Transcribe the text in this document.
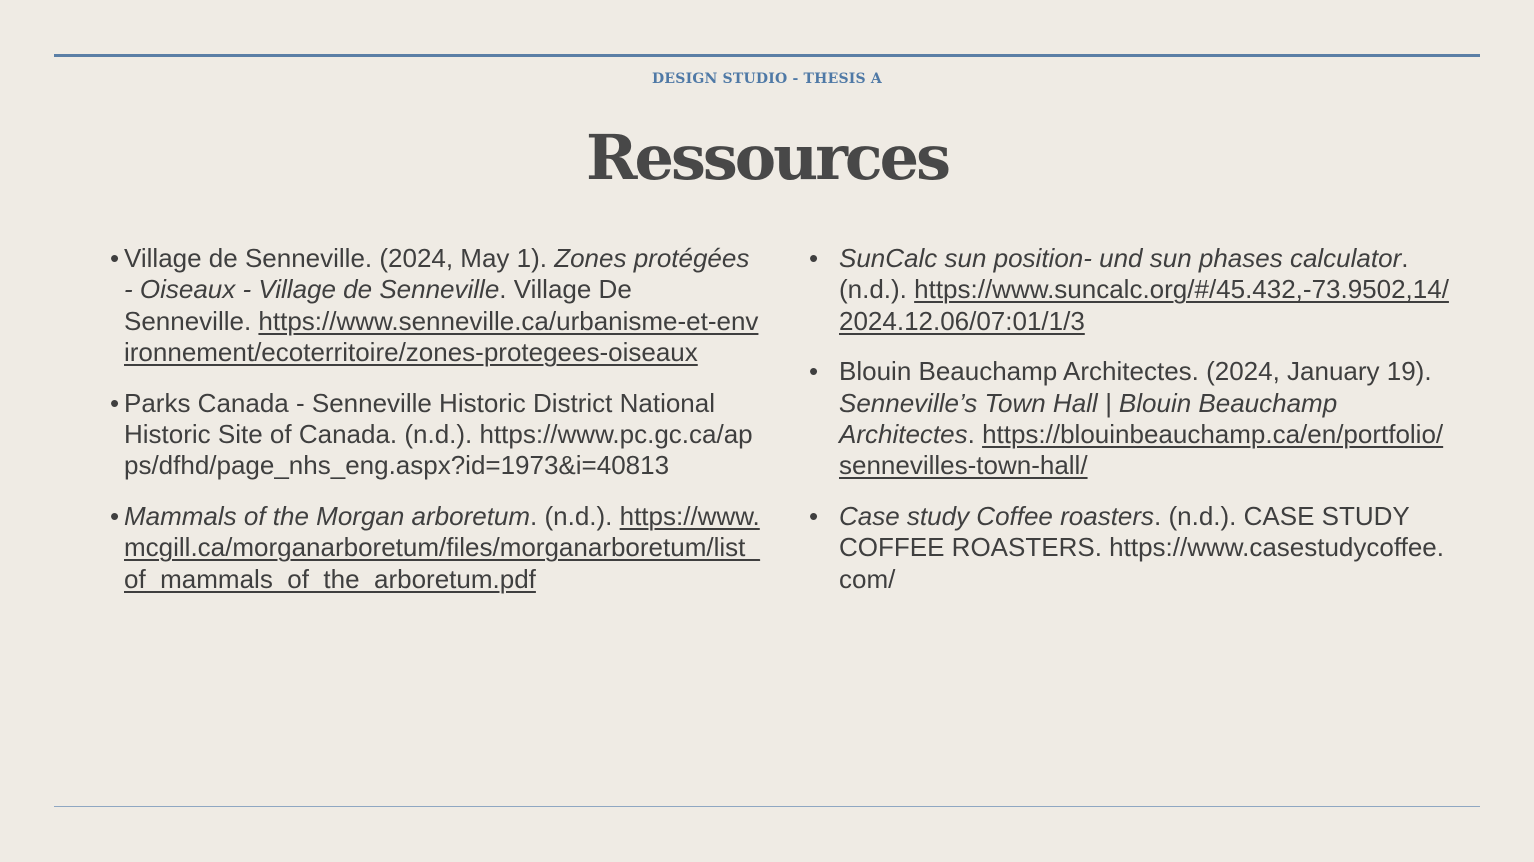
DESIGN STUDIO - THESIS A
Ressources
• Village de Senneville. (2024, May 1). Zones protégées - Oiseaux - Village de Senneville. Village De Senneville. https://www.senneville.ca/urbanisme-et-environnement/ecoterritoire/zones-protegees-oiseaux
• Parks Canada - Senneville Historic District National Historic Site of Canada. (n.d.). https://www.pc.gc.ca/apps/dfhd/page_nhs_eng.aspx?id=1973&i=40813
• Mammals of the Morgan arboretum. (n.d.). https://www.mcgill.ca/morganarboretum/files/morganarboretum/list_of_mammals_of_the_arboretum.pdf
• SunCalc sun position- und sun phases calculator. (n.d.). https://www.suncalc.org/#/45.432,-73.9502,14/2024.12.06/07:01/1/3
• Blouin Beauchamp Architectes. (2024, January 19). Senneville’s Town Hall | Blouin Beauchamp Architectes. https://blouinbeauchamp.ca/en/portfolio/sennevilles-town-hall/
• Case study Coffee roasters. (n.d.). CASE STUDY COFFEE ROASTERS. https://www.casestudycoffee.com/
